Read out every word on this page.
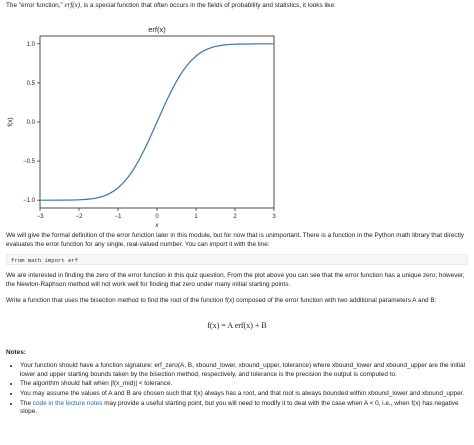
The "error function," erf(x), is a special function that often occurs in the fields of probability and statistics, it looks like:

erf(x)
−3	−2	−1	0	1	2	3
−1.0
−0.5
0.0
0.5
1.0
x
f(x)

We will give the formal definition of the error function later in this module, but for now that is unimportant. There is a function in the Python math library that directly evaluates the error function for any single, real-valued number. You can import it with the line:

from math import erf

We are interested in finding the zero of the error function in this quiz question. From the plot above you can see that the error function has a unique zero; however, the Newton-Raphson method will not work well for finding that zero under many initial starting points.

Write a function that uses the bisection method to find the root of the function f(x) composed of the error function with two additional parameters A and B:

f(x) = A erf(x) + B
Notes:
• Your function should have a function signature: erf_zero(A, B, xbound_lower, xbound_upper, tolerance) where xbound_lower and xbound_upper are the initial lower and upper starting bounds taken by the bisection method, respectively, and tolerance is the precision the output is computed to.
• The algorithm should halt when |f(x_mid)| < tolerance.
• You may assume the values of A and B are chosen such that f(x) always has a root, and that root is always bounded within xbound_lower and xbound_upper.
• The code in the lecture notes may provide a useful starting point, but you will need to modify it to deal with the case when A < 0, i.e., when f(x) has negative slope.
